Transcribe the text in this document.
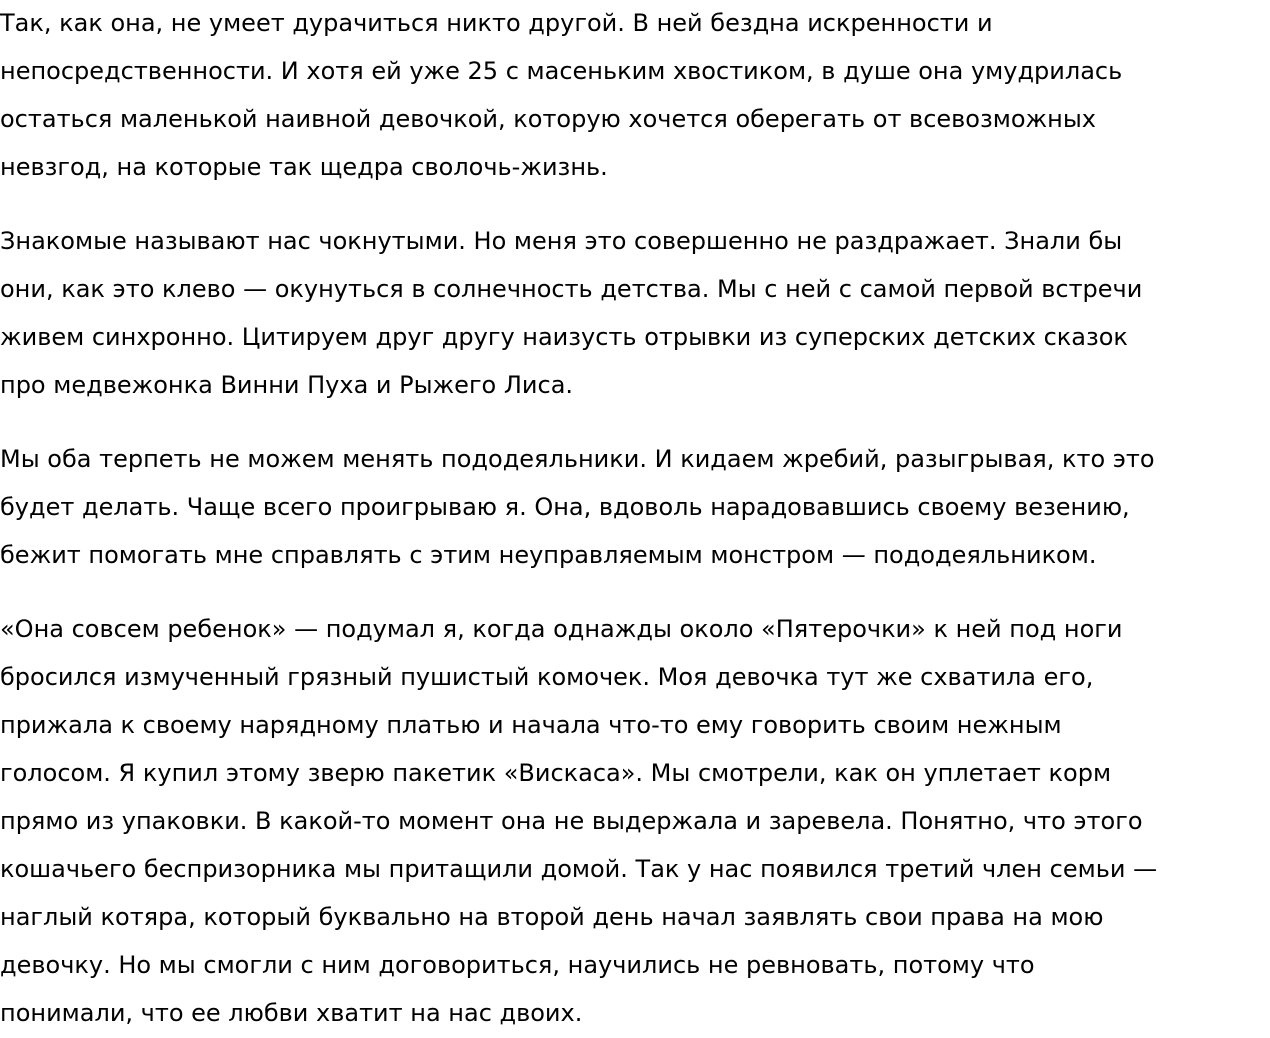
Так, как она, не умеет дурачиться никто другой. В ней бездна искренности и
непосредственности. И хотя ей уже 25 с масеньким хвостиком, в душе она умудрилась
остаться маленькой наивной девочкой, которую хочется оберегать от всевозможных
невзгод, на которые так щедра сволочь-жизнь.

Знакомые называют нас чокнутыми. Но меня это совершенно не раздражает. Знали бы
они, как это клево — окунуться в солнечность детства. Мы с ней с самой первой встречи
живем синхронно. Цитируем друг другу наизусть отрывки из суперских детских сказок
про медвежонка Винни Пуха и Рыжего Лиса.

Мы оба терпеть не можем менять пододеяльники. И кидаем жребий, разыгрывая, кто это
будет делать. Чаще всего проигрываю я. Она, вдоволь нарадовавшись своему везению,
бежит помогать мне справлять с этим неуправляемым монстром — пододеяльником.

«Она совсем ребенок» — подумал я, когда однажды около «Пятерочки» к ней под ноги
бросился измученный грязный пушистый комочек. Моя девочка тут же схватила его,
прижала к своему нарядному платью и начала что-то ему говорить своим нежным
голосом. Я купил этому зверю пакетик «Вискаса». Мы смотрели, как он уплетает корм
прямо из упаковки. В какой-то момент она не выдержала и заревела. Понятно, что этого
кошачьего беспризорника мы притащили домой. Так у нас появился третий член семьи —
наглый котяра, который буквально на второй день начал заявлять свои права на мою
девочку. Но мы смогли с ним договориться, научились не ревновать, потому что
понимали, что ее любви хватит на нас двоих.
